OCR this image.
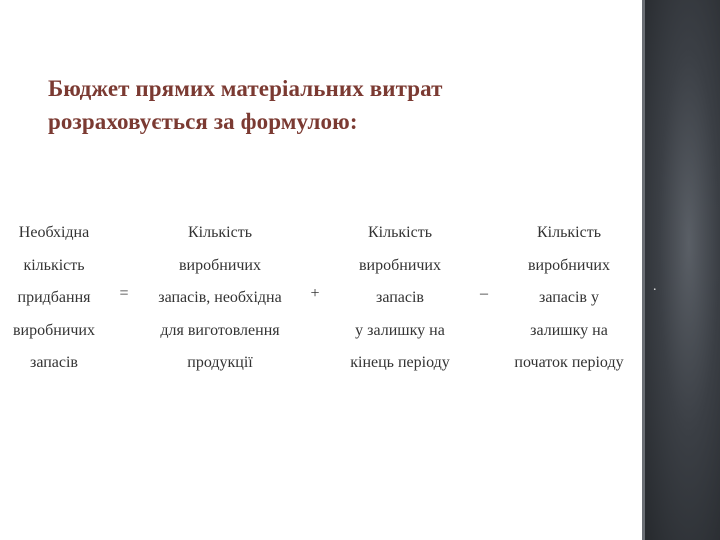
Бюджет прямих матеріальних витрат
розраховується за формулою:
Необхідна
кількість
придбання
виробничих
запасів
=
Кількість
виробничих
запасів, необхідна
для виготовлення
продукції
+
Кількість
виробничих
запасів
у залишку на
кінець періоду
–
Кількість
виробничих
запасів у
залишку на
початок періоду
.
